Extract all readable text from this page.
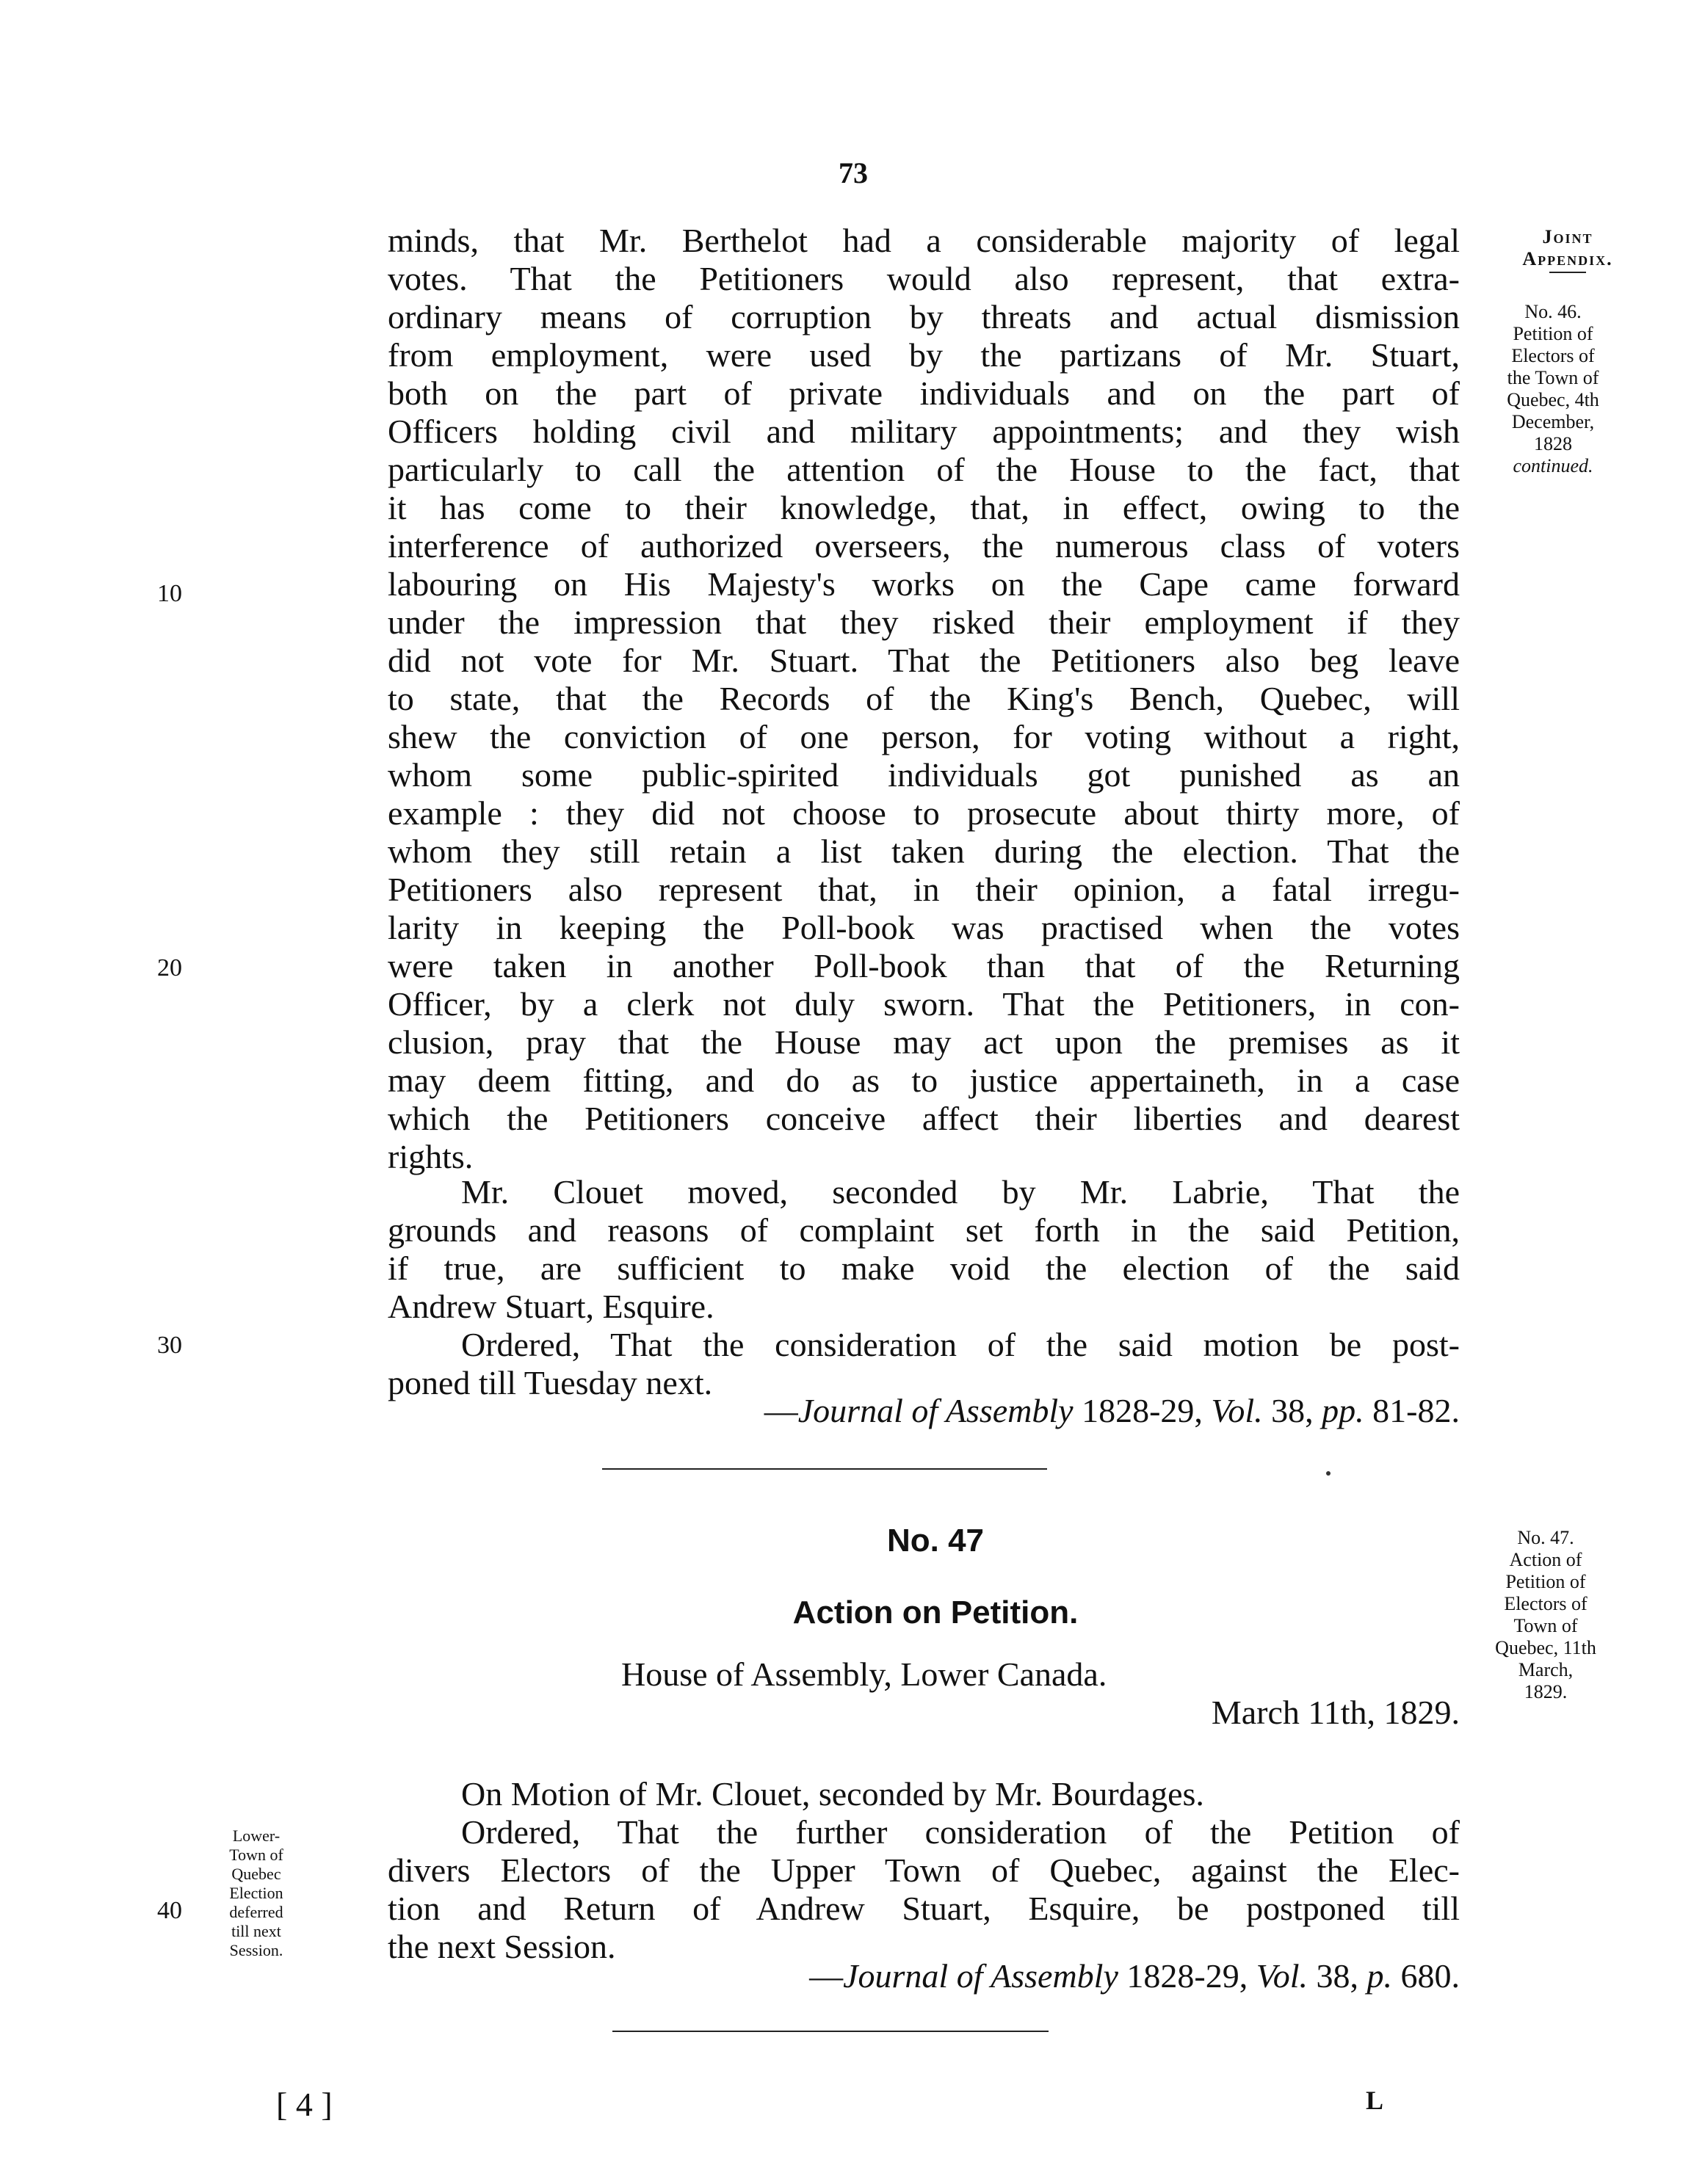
73
minds, that Mr. Berthelot had a considerable majority of legal
votes. That the Petitioners would also represent, that extra-
ordinary means of corruption by threats and actual dismission
from employment, were used by the partizans of Mr. Stuart,
both on the part of private individuals and on the part of
Officers holding civil and military appointments; and they wish
particularly to call the attention of the House to the fact, that
it has come to their knowledge, that, in effect, owing to the
interference of authorized overseers, the numerous class of voters
labouring on His Majesty's works on the Cape came forward
under the impression that they risked their employment if they
did not vote for Mr. Stuart. That the Petitioners also beg leave
to state, that the Records of the King's Bench, Quebec, will
shew the conviction of one person, for voting without a right,
whom some public-spirited individuals got punished as an
example : they did not choose to prosecute about thirty more, of
whom they still retain a list taken during the election. That the
Petitioners also represent that, in their opinion, a fatal irregu-
larity in keeping the Poll-book was practised when the votes
were taken in another Poll-book than that of the Returning
Officer, by a clerk not duly sworn. That the Petitioners, in con-
clusion, pray that the House may act upon the premises as it
may deem fitting, and do as to justice appertaineth, in a case
which the Petitioners conceive affect their liberties and dearest
rights.
Mr. Clouet moved, seconded by Mr. Labrie, That the
grounds and reasons of complaint set forth in the said Petition,
if true, are sufficient to make void the election of the said
Andrew Stuart, Esquire.
Ordered, That the consideration of the said motion be post-
poned till Tuesday next.
—Journal of Assembly 1828-29, Vol. 38, pp. 81-82.
No. 47
Action on Petition.
House of Assembly, Lower Canada.
March 11th, 1829.
On Motion of Mr. Clouet, seconded by Mr. Bourdages.
Ordered, That the further consideration of the Petition of
divers Electors of the Upper Town of Quebec, against the Elec-
tion and Return of Andrew Stuart, Esquire, be postponed till
the next Session.
—Journal of Assembly 1828-29, Vol. 38, p. 680.
10
20
30
40
Joint
Appendix.
No. 46.
Petition of
Electors of
the Town of
Quebec, 4th
December,
1828
continued.
No. 47.
Action of
Petition of
Electors of
Town of
Quebec, 11th
March,
1829.
Lower-
Town of
Quebec
Election
deferred
till next
Session.
[ 4 ]	L
